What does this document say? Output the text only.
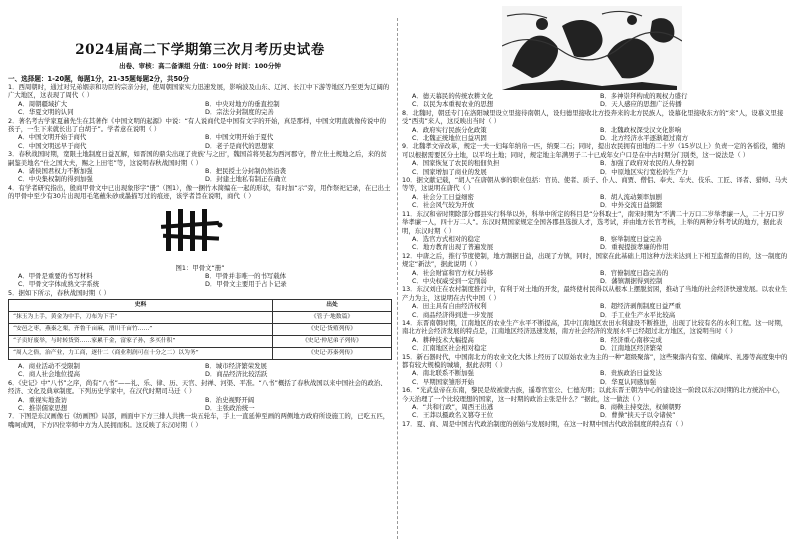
2024届高二下学期第三次月考历史试卷
出卷、审核：高二备课组 分值：100分 时间：100分钟
一、选择题：1-20题，每题1分，21-35题每题2分，共50分

1．西周朝时，通过对兄弟姻亲和功臣的宗亲分封，使周朝国家实力迅速发展，影响波及山东、辽河、长江中下游等地区乃至更为辽阔的广大地区，这表现了周代（ ）

A．周朝疆域扩大	B．中央对地方的垂直控制
C．华夏文明的认同	D．宗法分封制度的完善

2．著名考古学家夏鼐先生在其著作《中国文明的起源》中说：“有人说商代是中国有文字的开始，真是那样，中国文明直就像传说中的孩子，一生下来就长出了白胡子”。学者意在说明（ ）

A．中国文明开始于商代	B．中国文明开始于夏代
C．中国文明远早于商代	D．老子是商代的思想家

3．春秋战国时期，宽限土地制度日益瓦解，如晋国的鼎尖出现了贵族‘与之田’，魏国首将吴起为西河郡守，曾立仕土规地之后，来的贫嗣鉴美地名“仕之国大夫，赐之上田宅”等，这说明春秋战国时期（ ）

A．诸侯国君权力不断加强	B．把民授土分封制仍然沿袭
C．中央集权制的得到加强	D．封建土地私有制正在确立

4．有学者研究指出，殷商甲骨文中已出现象形字“册”（图1），像一捆竹木简编在一起的形状，有时加“示”旁，用作祭祀记录，在已出土的甲骨中至少有30片出现用毛笔蘸朱砂或墨描写过的痕迹，该学者旨在说明，商代（ ）

图1：甲骨文“册”
A．甲骨是重要的书写材料	B．甲骨并非唯一的书写载体
C．甲骨文字体成熟文字系统	D．甲骨文主要用于占卜记录

5．据如下所示，春秋战国时期（ ）

史料	出处
“抹玉为上手，黄金为中手，刀布为下手”	《管子·地数篇》
“安邑之枣，燕秦之栗，齐鲁千亩麻，渭川千亩竹……”	《史记·货殖列传》
“子贡好废举，与时转货资……家累千金，富家子孙，多买什积”	《史记·仲尼弟子列传》
“周人之俗，治产业，力工商，逐什二（商业利润可在十分之二）以为务”	《史记·苏秦列传》
A．商业活动不受限制	B．城市经济繁荣发展
C．商人社会地位提高	D．商品经济比较活跃

6．《史记》中“八书”之序，尚有“八书”——礼、乐、律、历、天官、封禅、河渠、平准。“八书”概括了春秋战国以来中国社会的政治、经济、文化及典章制度。下列历史学家中，在汉代时期司马迁（ ）

A．重视实地查访	B．治史视野开阔
C．推崇儒家思想	D．主张政治统一

7．下图是东汉画像石《纺画图》局部，画面中下方三排人共携一块五轮车，手上一直延伸至画的两侧地方政府所设施工的，已吃五匹，嘴呵成网，下方四位宰师中方为人民拥而积。这反映了东汉时期（ ）

A．德天幕民的传统农耕文化	B．多神崇拜构成的观权力盛行
C．以民为本重视农业的思想	D．天人感应的思想广泛传播

8．北魏时，朝廷专门在洛阳城里设立里接待南朝人，设归德里接收北方投奔来的北方民族人，设慕化里接收东方的“来”人，设慕义里接受“西夷”来人，这反映出当时（ ）

A．政府实行民族分化政策	B．北魏政权深受汉文化影响
C．北魏正统地位日益巩固	D．北方经济水平逐渐超过南方

9．北魏孝文帝改革，规定一夫一妇每年纳帛一匹，纳粟二石；同时，提出农民拥有田地的二十岁（15岁以上）负责一定的各徭役，缴纳可以根据需要区分土地，以平均土地；同时，规定地主年满男子二十已成年女户口是在中古时期分门别类，这一说法是（ ）

A．国家恢复了农民的租佃负担	B．加强了政府对农民的人身控制
C．国家增加了商业的发展	D．中原地区实行宽松的生产力

10．据文献记载，“胡人”在唐朝从事的职业包括：官员、使者、质子、仆人、商贾、僧侣、奉夫、车夫、伎乐、工匠、译者、猎师、马夫等等，这说明在唐代（ ）

A．社会分工日益细密	B．胡人流动频率加剧
C．社会风气较为开放	D．中外交流日益频繁

11．东汉和帝时期除部分郡县实行科举以外，科举中所定的科目是“分科取士”，南宋时期为“不满二十万口二岁举孝廉一人，二十万口岁举孝廉一人，四十万二人”。东汉时期国家规定全国各郡县选拔人才，选考试，并由地方长官考核，上举的两种分科考试的地方，据此表明，东汉时期（ ）

A．选官方式相对的稳定	B．察举制度日益完善
C．地方教育出现了普遍发展	D．重视提拔孝廉的作用

12．中唐之后，推行节度使制，地方割据日益，出现了方镇，同时，国家在此基础上用这种方法来达到上下相互监督的目的，这一制度的规定“新法”，据此说明（ ）

A．社会财富和官方权力转移	B．官僚制度日趋完善的
C．中央权威受到一定削弱	D．藩镇割据得到控制

13．东汉刘庄在农村制度推行中，有利于对土地的开发，最终使村民得以从根本上摆脱贫困，推动了当地的社会经济快速发展。以农业生产力为主，这说明在古代中国（ ）

A．田主具有自由经济权利	B．超经济剥削制度日益严重
C．商品经济得到进一步发展	D．手工业生产水平比较高

14．东晋南朝时期，江南地区的农业生产水平不断提高，其中江南地区农田水利建设不断推进，出现了比较有名的水利工程。这一时期，南北方社会经济发展的特点是，江南地区经济迅速发展，南方社会经济的发展水平已经超过北方地区，这说明当时（ ）

A．耕种技术大幅提高	B．经济重心南移完成
C．江南地区社会相对稳定	D．江南地区经济繁荣

15．新石器时代，中国南北方的农业文化大体上经历了以原始农业为主的一种“超级聚落”，这些聚落内有室、储藏库、礼器等高度集中的都有较大规模的城墙，据此表明（ ）

A．南北联系不断加强	B．贵族政治日益发达
C．早期国家雏形开始	D．华夏认同感加强

16．“光武皇帝在东南，黎民是故被蒙古族，遥尊官室公、仁德光明；以此东晋王朝为中心的建设这一阶段以东汉时期的北方统治中心，今天治理了一个比较理想的国家，这一时期的政治主张是什么？”据此，这一做法（ ）

A．“共和行政”，周西王出逃	B．商鞅主持变法，权倾朝野
C．王莽以摄政名义篡夺王位	D．曹操“挟天子以令诸侯”

17．夏、商、周是中国古代政治制度的创始与发展时期，在这一时期中国古代政治制度的特点有（ ）
